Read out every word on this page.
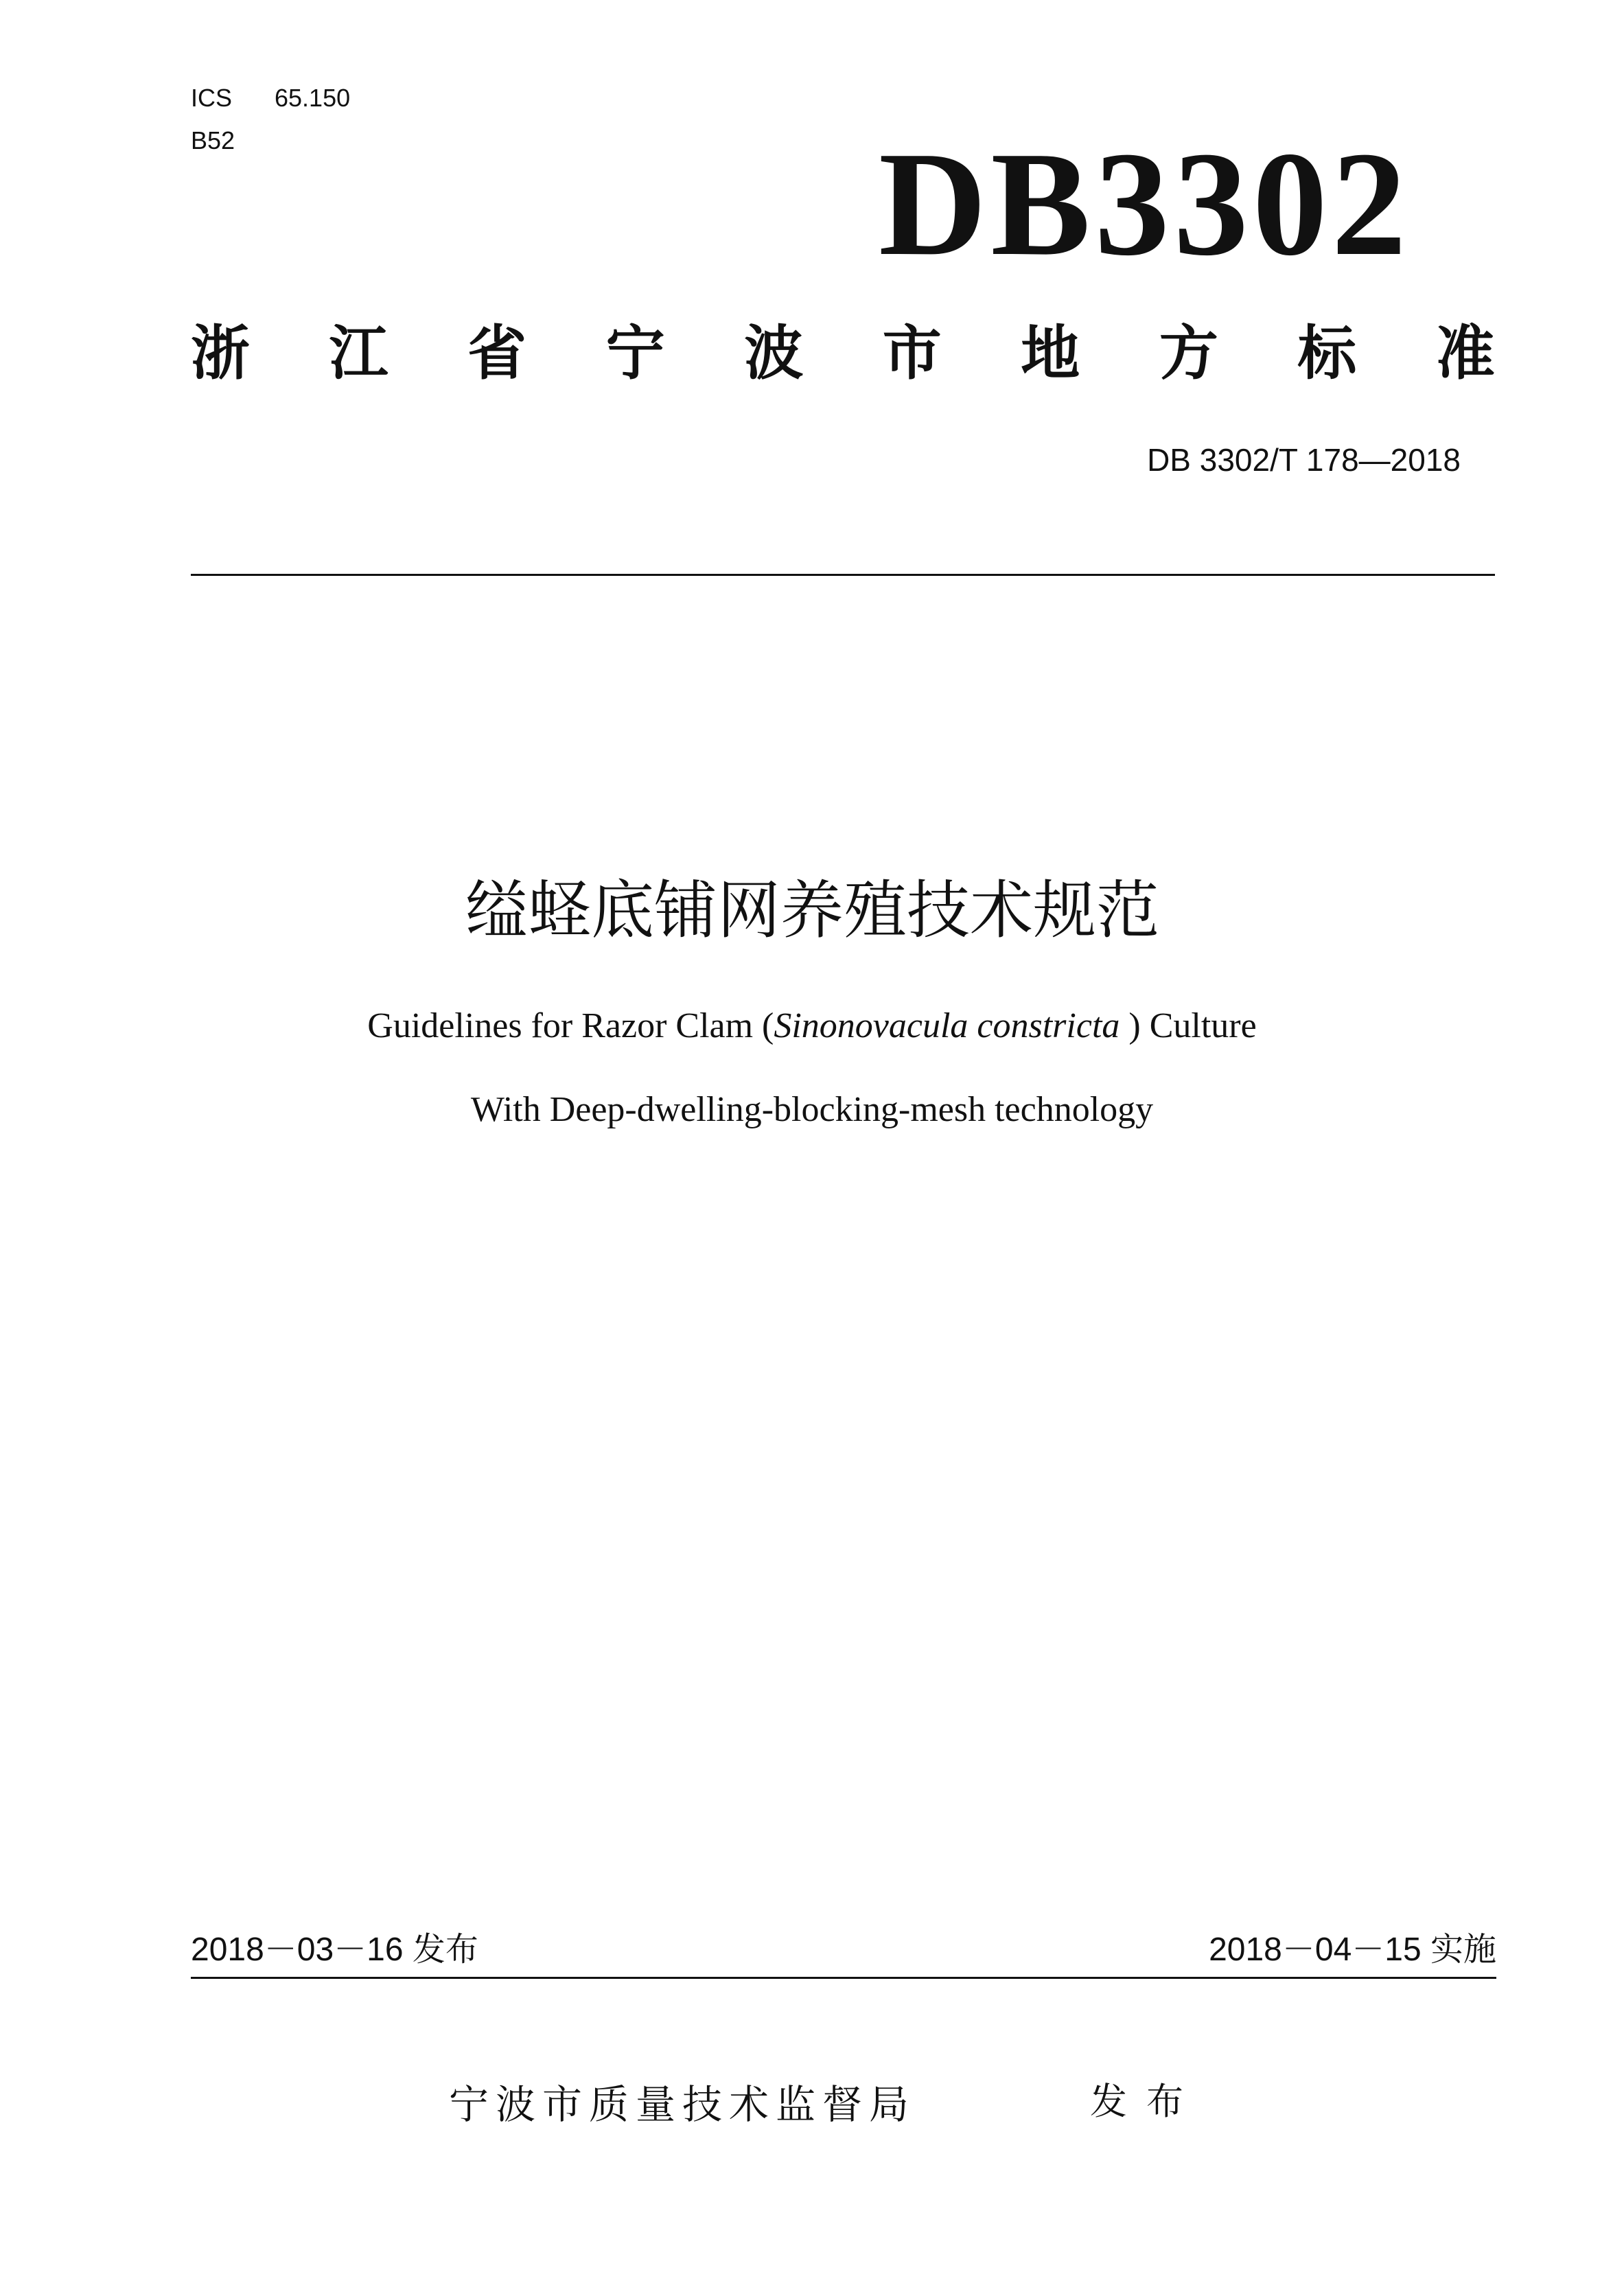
ICS 65.150
B52	DB3302
浙 江 省 宁 波 市 地 方 标 准
DB 3302/T 178—2018
缢蛏底铺网养殖技术规范
Guidelines for Razor Clam (Sinonovacula constricta ) Culture
With Deep-dwelling-blocking-mesh technology
2018－03－16 发布	2018－04－15 实施
宁波市质量技术监督局	发布
